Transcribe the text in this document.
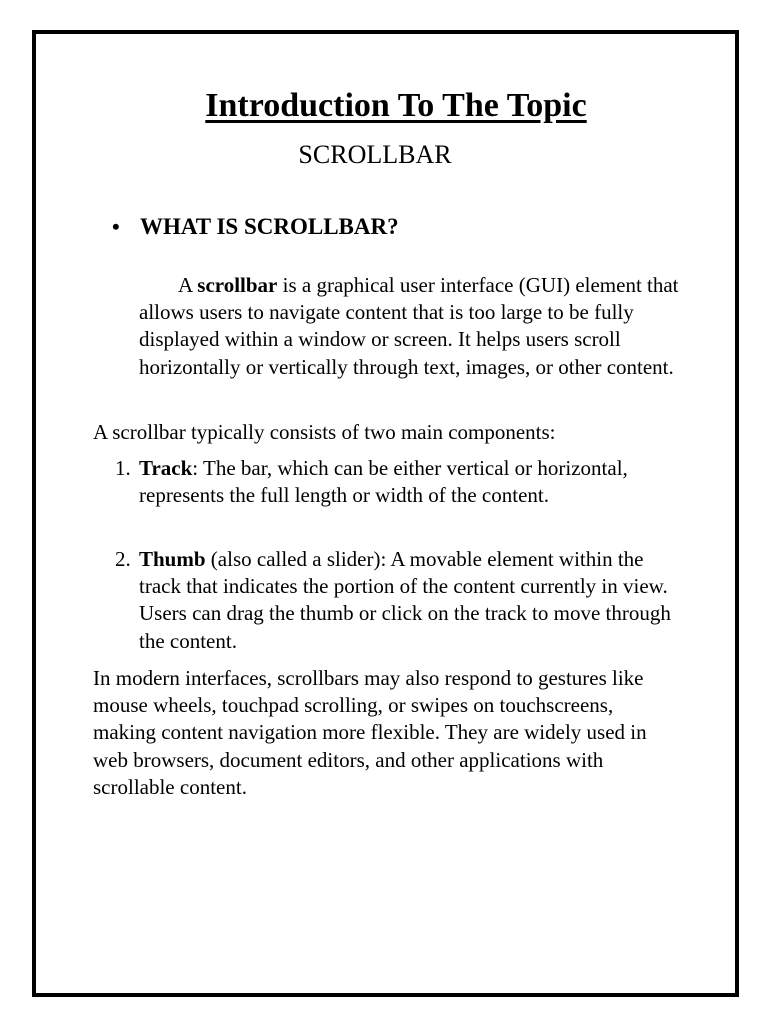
Introduction To The Topic
SCROLLBAR
• WHAT IS SCROLLBAR?

A scrollbar is a graphical user interface (GUI) element that allows users to navigate content that is too large to be fully displayed within a window or screen. It helps users scroll horizontally or vertically through text, images, or other content.

A scrollbar typically consists of two main components:

1. Track: The bar, which can be either vertical or horizontal, represents the full length or width of the content.
2. Thumb (also called a slider): A movable element within the track that indicates the portion of the content currently in view. Users can drag the thumb or click on the track to move through the content.

In modern interfaces, scrollbars may also respond to gestures like mouse wheels, touchpad scrolling, or swipes on touchscreens, making content navigation more flexible. They are widely used in web browsers, document editors, and other applications with scrollable content.
